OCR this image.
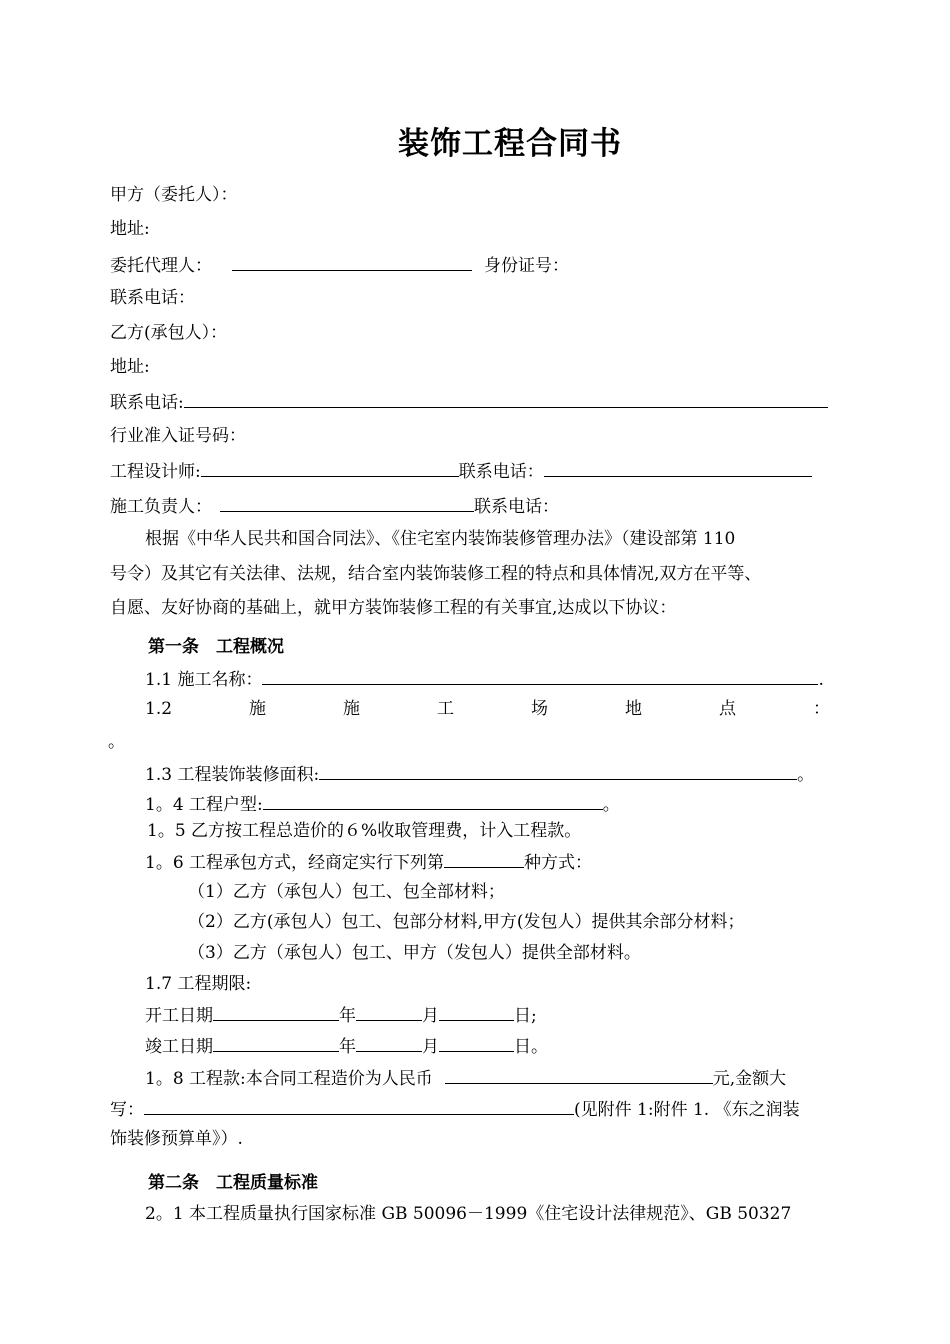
装饰工程合同书
甲方（委托人）：
地址:
委托代理人：	身份证号：
联系电话：
乙方(承包人）：
地址:
联系电话:
行业准入证号码：
工程设计师:	联系电话：
施工负责人：	联系电话：
根据《中华人民共和国合同法》、《住宅室内装饰装修管理办法》（建设部第 110
号令）及其它有关法律、法规，结合室内装饰装修工程的特点和具体情况,双方在平等、
自愿、友好协商的基础上，就甲方装饰装修工程的有关事宜,达成以下协议：
第一条　工程概况
1.1 施工名称：	.
1.2	施	施	工	场	地	点	：
。
1.3 工程装饰装修面积:	。
1。4 工程户型:	。
1。5 乙方按工程总造价的６%收取管理费，计入工程款。
1。6 工程承包方式，经商定实行下列第	种方式：
（1）乙方（承包人）包工、包全部材料；
（2）乙方(承包人）包工、包部分材料,甲方(发包人）提供其余部分材料；
（3）乙方（承包人）包工、甲方（发包人）提供全部材料。
1.7 工程期限:
开工日期	年	月	日;
竣工日期	年	月	日。
1。8 工程款:本合同工程造价为人民币	元,金额大
写：	(见附件 1:附件 1. 《东之润装
饰装修预算单》）.
第二条　工程质量标准
2。1 本工程质量执行国家标准 GB 50096－1999《住宅设计法律规范》、GB 50327
